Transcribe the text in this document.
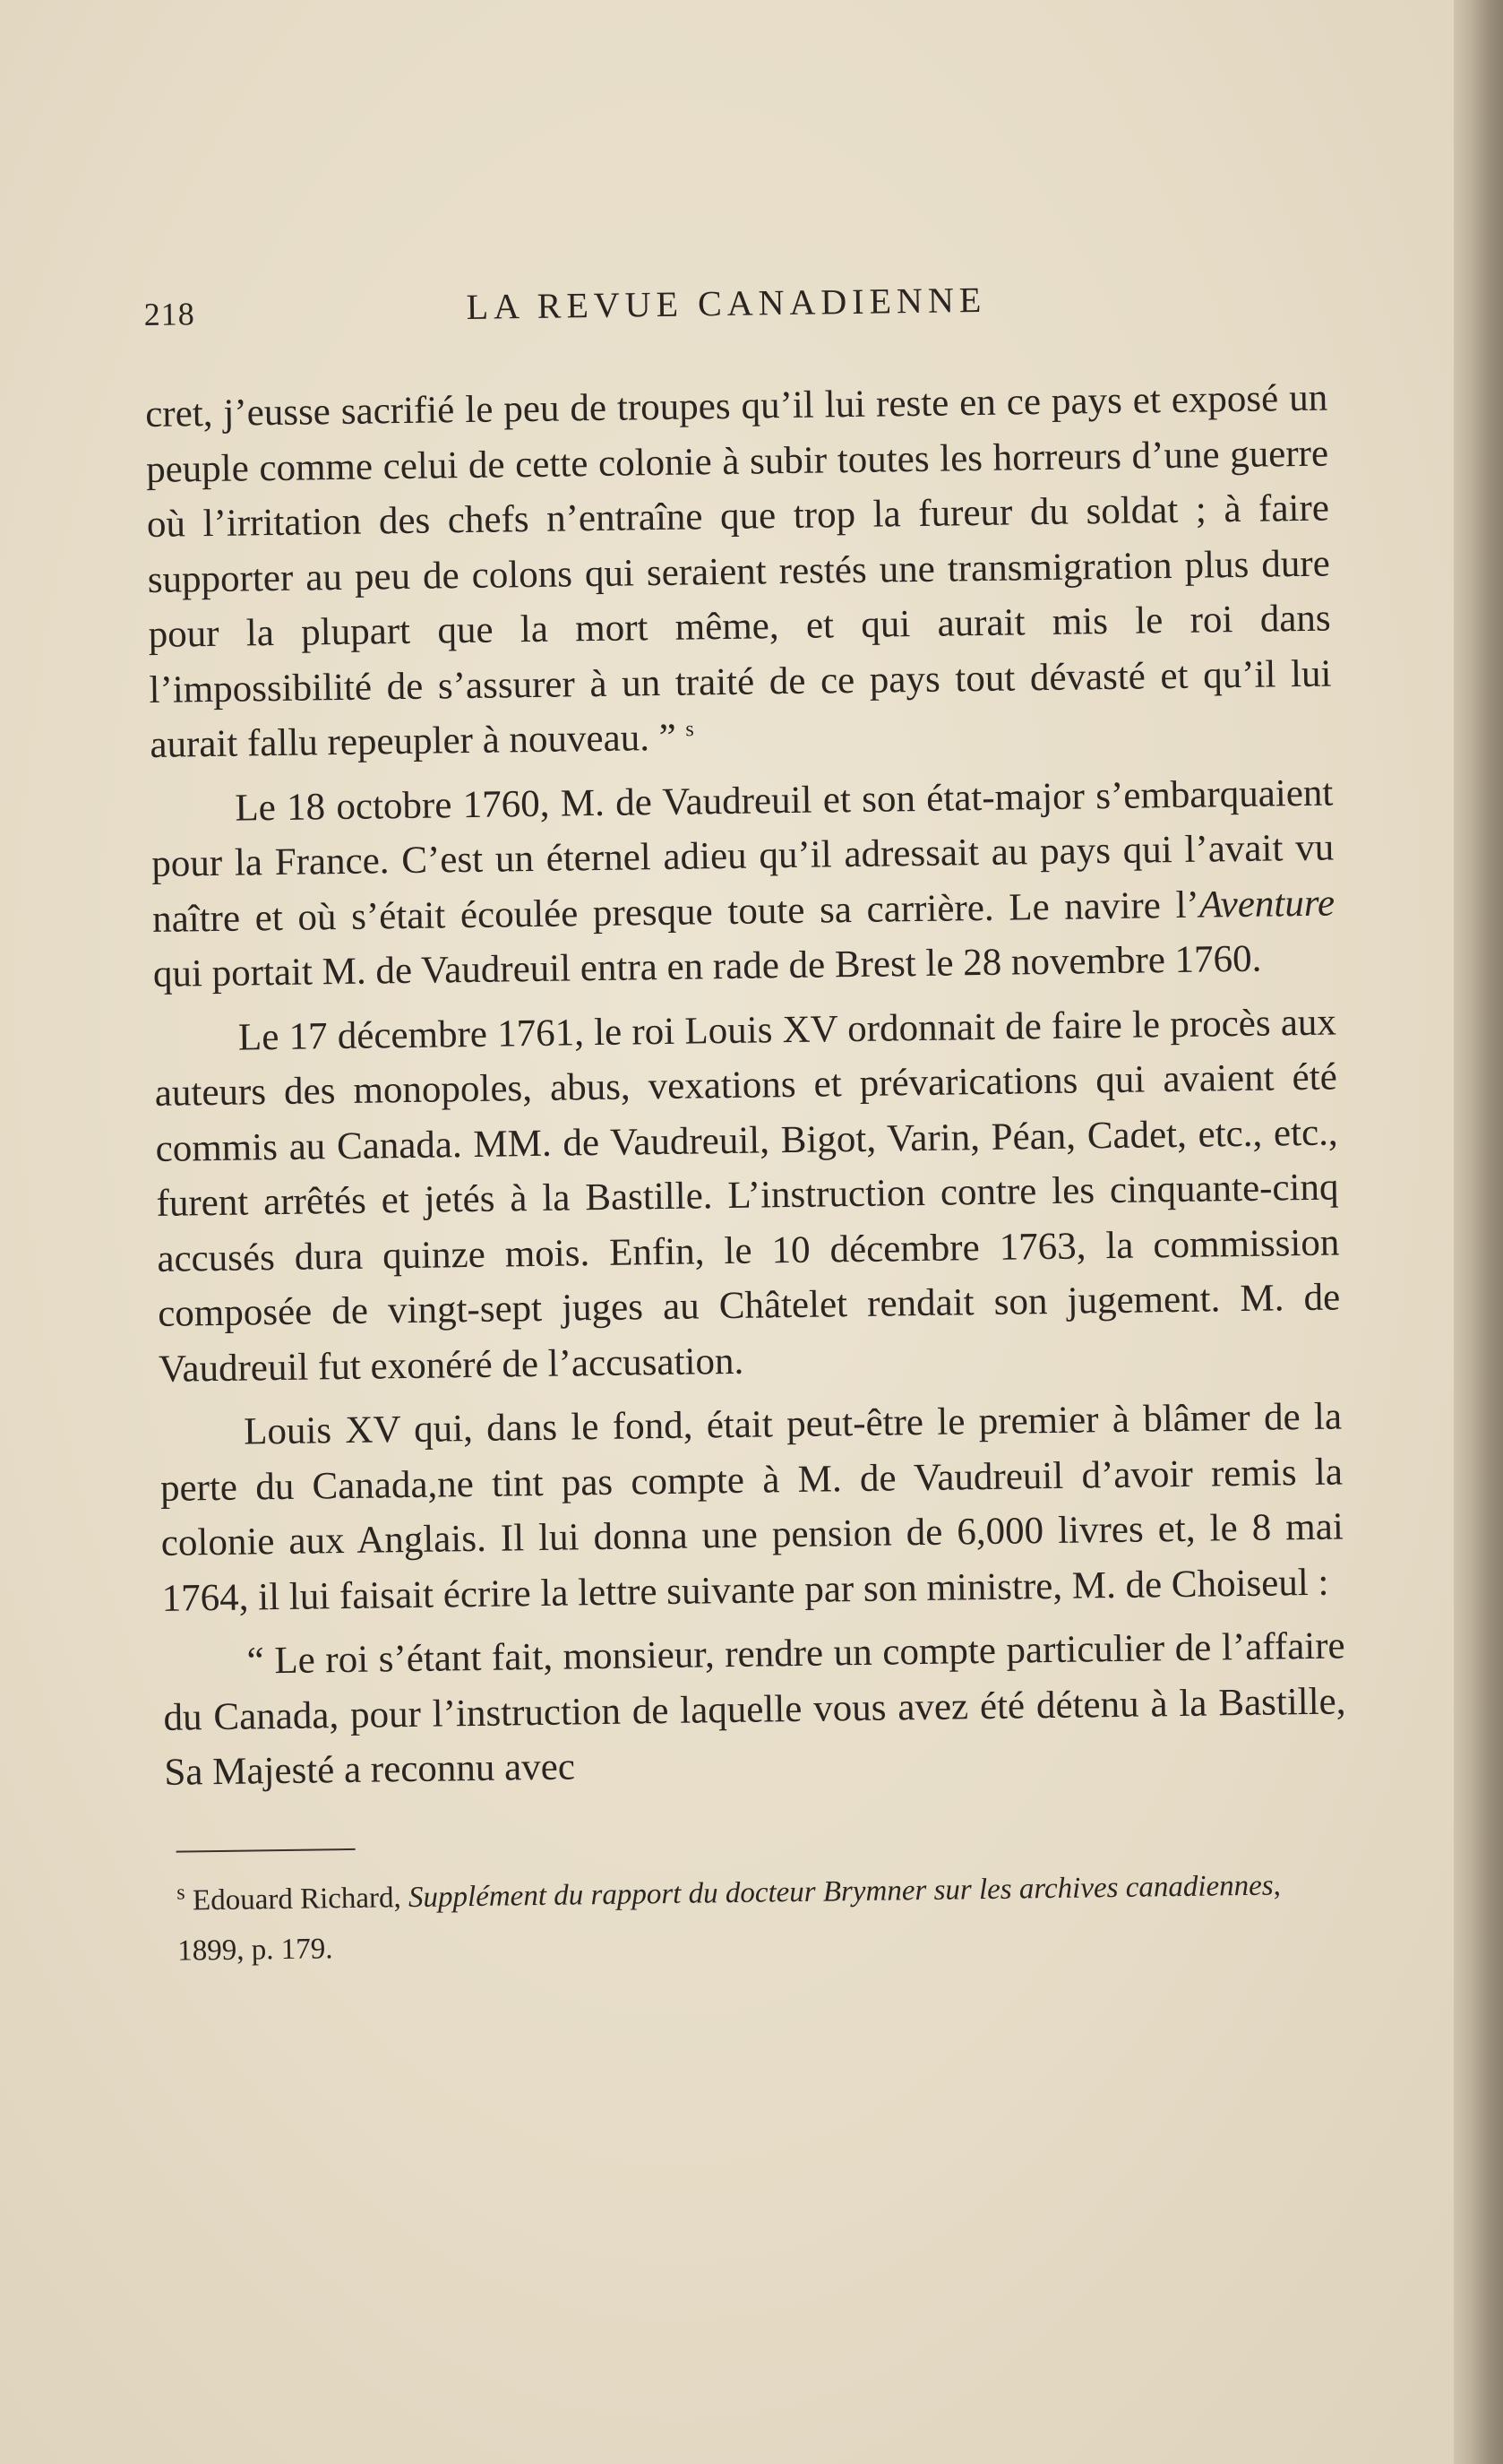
218	LA REVUE CANADIENNE

cret, j’eusse sacrifié le peu de troupes qu’il lui reste en ce pays et exposé un peuple comme celui de cette colonie à subir toutes les horreurs d’une guerre où l’irritation des chefs n’entraîne que trop la fureur du soldat ; à faire supporter au peu de colons qui seraient restés une transmigration plus dure pour la plupart que la mort même, et qui aurait mis le roi dans l’impossibilité de s’assurer à un traité de ce pays tout dévasté et qu’il lui aurait fallu repeupler à nouveau. ” $^s$

Le 18 octobre 1760, M. de Vaudreuil et son état-major s’embarquaient pour la France. C’est un éternel adieu qu’il adressait au pays qui l’avait vu naître et où s’était écoulée presque toute sa carrière. Le navire l’Aventure qui portait M. de Vaudreuil entra en rade de Brest le 28 novembre 1760.

Le 17 décembre 1761, le roi Louis XV ordonnait de faire le procès aux auteurs des monopoles, abus, vexations et prévarications qui avaient été commis au Canada. MM. de Vaudreuil, Bigot, Varin, Péan, Cadet, etc., etc., furent arrêtés et jetés à la Bastille. L’instruction contre les cinquante-cinq accusés dura quinze mois. Enfin, le 10 décembre 1763, la commission composée de vingt-sept juges au Châtelet rendait son jugement. M. de Vaudreuil fut exonéré de l’accusation.

Louis XV qui, dans le fond, était peut-être le premier à blâmer de la perte du Canada,ne tint pas compte à M. de Vaudreuil d’avoir remis la colonie aux Anglais. Il lui donna une pension de 6,000 livres et, le 8 mai 1764, il lui faisait écrire la lettre suivante par son ministre, M. de Choiseul :

“ Le roi s’étant fait, monsieur, rendre un compte particulier de l’affaire du Canada, pour l’instruction de laquelle vous avez été détenu à la Bastille, Sa Majesté a reconnu avec

$^s$ Edouard Richard, Supplément du rapport du docteur Brymner sur les archives canadiennes, 1899, p. 179.
